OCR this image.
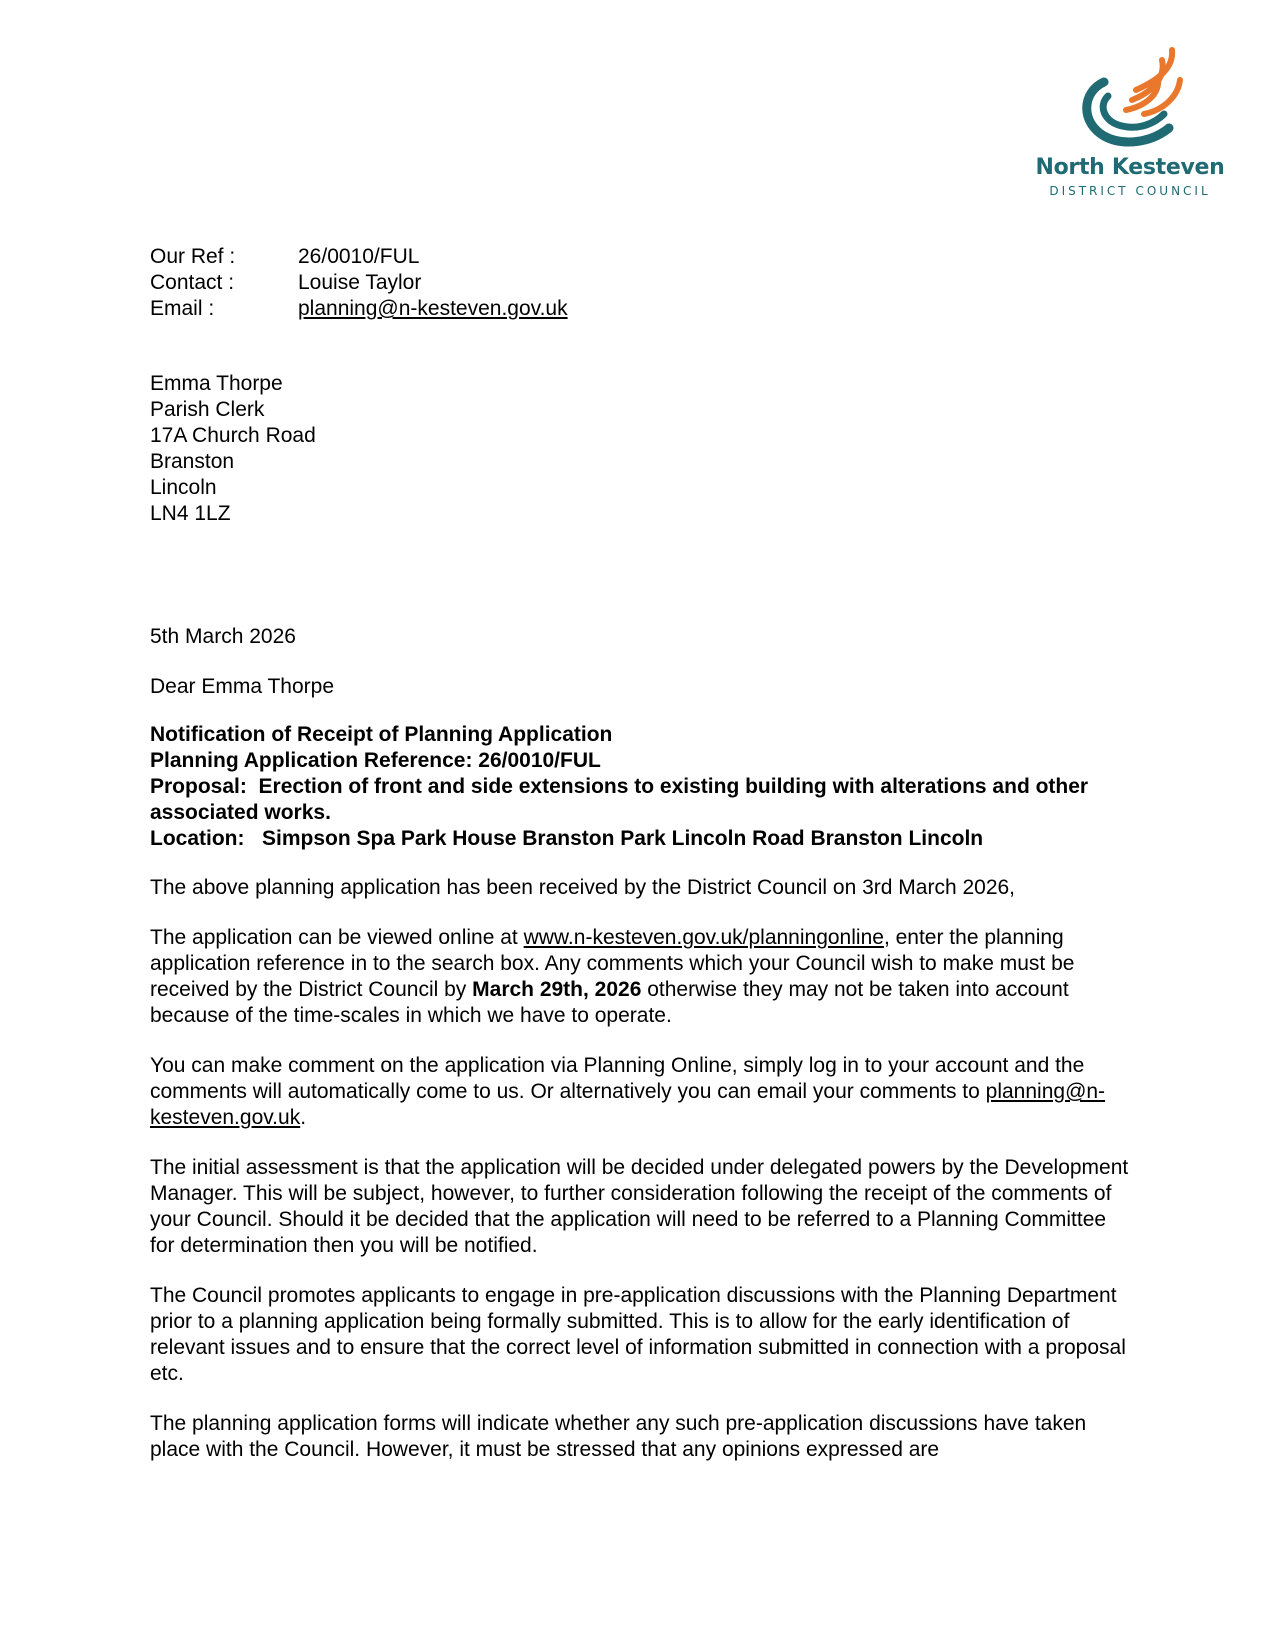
North Kesteven
DISTRICT COUNCIL
Our Ref :	26/0010/FUL
Contact :	Louise Taylor
Email :	planning@n-kesteven.gov.uk
Emma Thorpe
Parish Clerk
17A Church Road
Branston
Lincoln
LN4 1LZ
5th March 2026
Dear Emma Thorpe
Notification of Receipt of Planning Application
Planning Application Reference: 26/0010/FUL
Proposal: Erection of front and side extensions to existing building with alterations and other associated works.
Location: Simpson Spa Park House Branston Park Lincoln Road Branston Lincoln

The above planning application has been received by the District Council on 3rd March 2026,

The application can be viewed online at www.n-kesteven.gov.uk/planningonline, enter the planning application reference in to the search box. Any comments which your Council wish to make must be received by the District Council by March 29th, 2026 otherwise they may not be taken into account because of the time-scales in which we have to operate.

You can make comment on the application via Planning Online, simply log in to your account and the comments will automatically come to us. Or alternatively you can email your comments to planning@n-kesteven.gov.uk.

The initial assessment is that the application will be decided under delegated powers by the Development Manager. This will be subject, however, to further consideration following the receipt of the comments of your Council. Should it be decided that the application will need to be referred to a Planning Committee for determination then you will be notified.

The Council promotes applicants to engage in pre-application discussions with the Planning Department prior to a planning application being formally submitted. This is to allow for the early identification of relevant issues and to ensure that the correct level of information submitted in connection with a proposal etc.

The planning application forms will indicate whether any such pre-application discussions have taken place with the Council. However, it must be stressed that any opinions expressed are
